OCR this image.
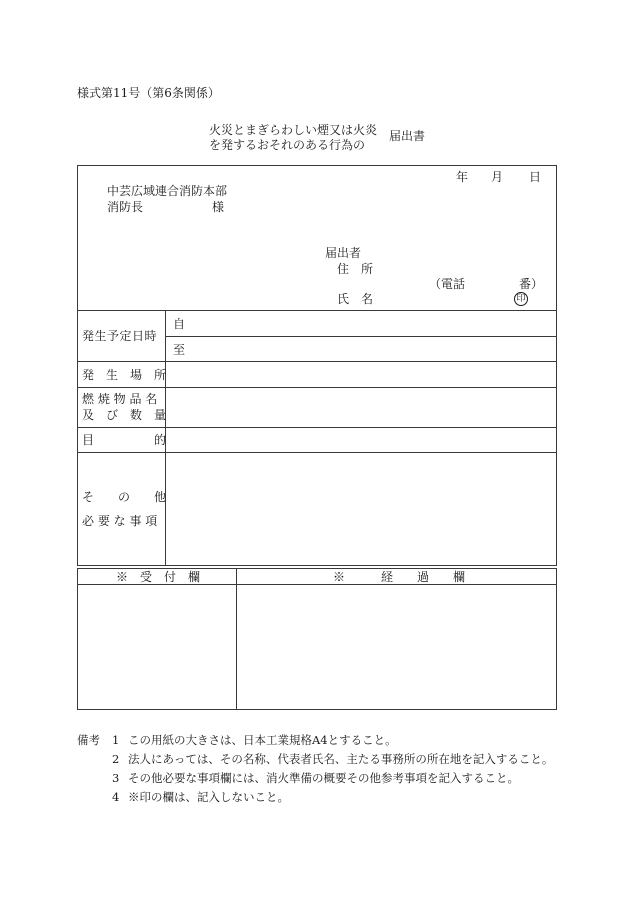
様式第11号（第6条関係）
火災とまぎらわしい煙又は火炎
を発するおそれのある行為の
届出書
年 月 日
中芸広域連合消防本部
消防長	様
届出者
住　所
（電話	番）
氏　名	印
発生予定日時
自
至
発　生　場　所
燃 焼 物 品 名
及　び　数　量
目　　　　　的
そ　　の　　他
必 要 な 事 項
※　受　付　欄	※　　　経　　過　　欄
備考 1 この用紙の大きさは、日本工業規格A4とすること。
2 法人にあっては、その名称、代表者氏名、主たる事務所の所在地を記入すること。
3 その他必要な事項欄には、消火準備の概要その他参考事項を記入すること。
4 ※印の欄は、記入しないこと。
